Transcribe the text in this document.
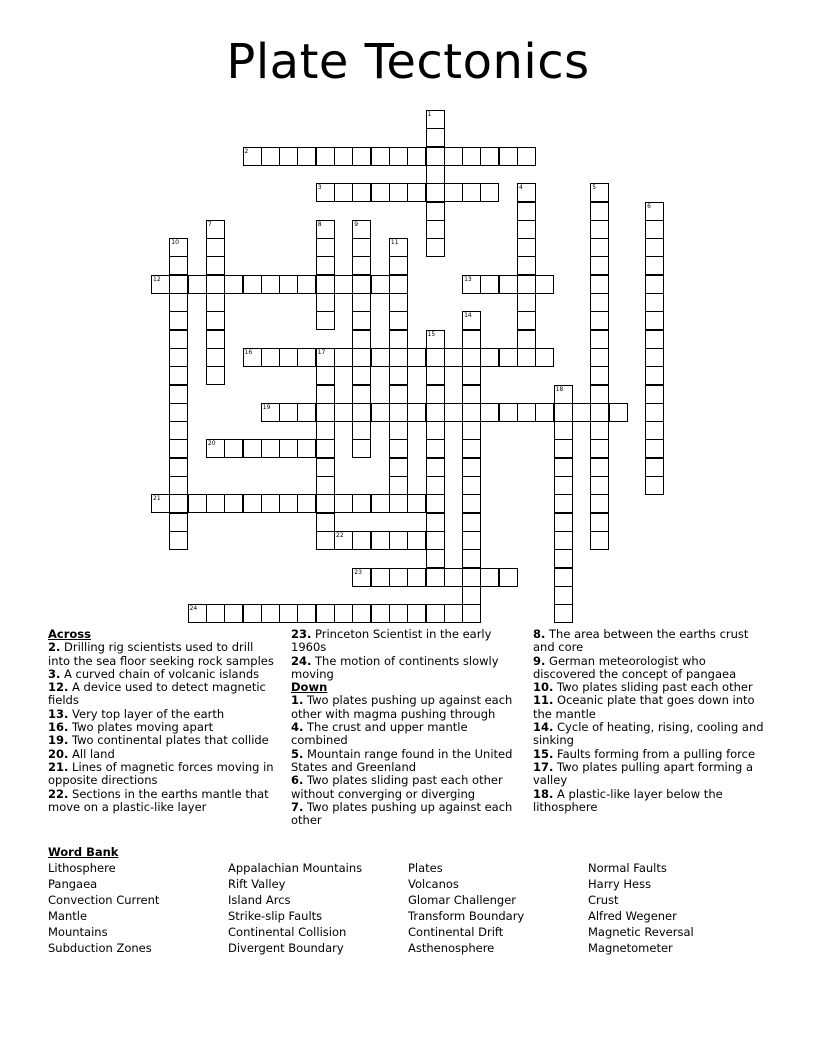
Plate Tectonics
1
2
3	4	5
6
7	8	9
10	11
12	13
14
15
16	17
18
19
20
21
22
23
24
Across
2. Drilling rig scientists used to drill into the sea floor seeking rock samples
3. A curved chain of volcanic islands
12. A device used to detect magnetic fields
13. Very top layer of the earth
16. Two plates moving apart
19. Two continental plates that collide
20. All land
21. Lines of magnetic forces moving in opposite directions
22. Sections in the earths mantle that move on a plastic-like layer
23. Princeton Scientist in the early 1960s
24. The motion of continents slowly moving
Down
1. Two plates pushing up against each other with magma pushing through
4. The crust and upper mantle combined
5. Mountain range found in the United States and Greenland
6. Two plates sliding past each other without converging or diverging
7. Two plates pushing up against each other
8. The area between the earths crust and core
9. German meteorologist who discovered the concept of pangaea
10. Two plates sliding past each other
11. Oceanic plate that goes down into the mantle
14. Cycle of heating, rising, cooling and sinking
15. Faults forming from a pulling force
17. Two plates pulling apart forming a valley
18. A plastic-like layer below the lithosphere
Word Bank
Lithosphere
Pangaea
Convection Current
Mantle
Mountains
Subduction Zones
Appalachian Mountains
Rift Valley
Island Arcs
Strike-slip Faults
Continental Collision
Divergent Boundary
Plates
Volcanos
Glomar Challenger
Transform Boundary
Continental Drift
Asthenosphere
Normal Faults
Harry Hess
Crust
Alfred Wegener
Magnetic Reversal
Magnetometer
